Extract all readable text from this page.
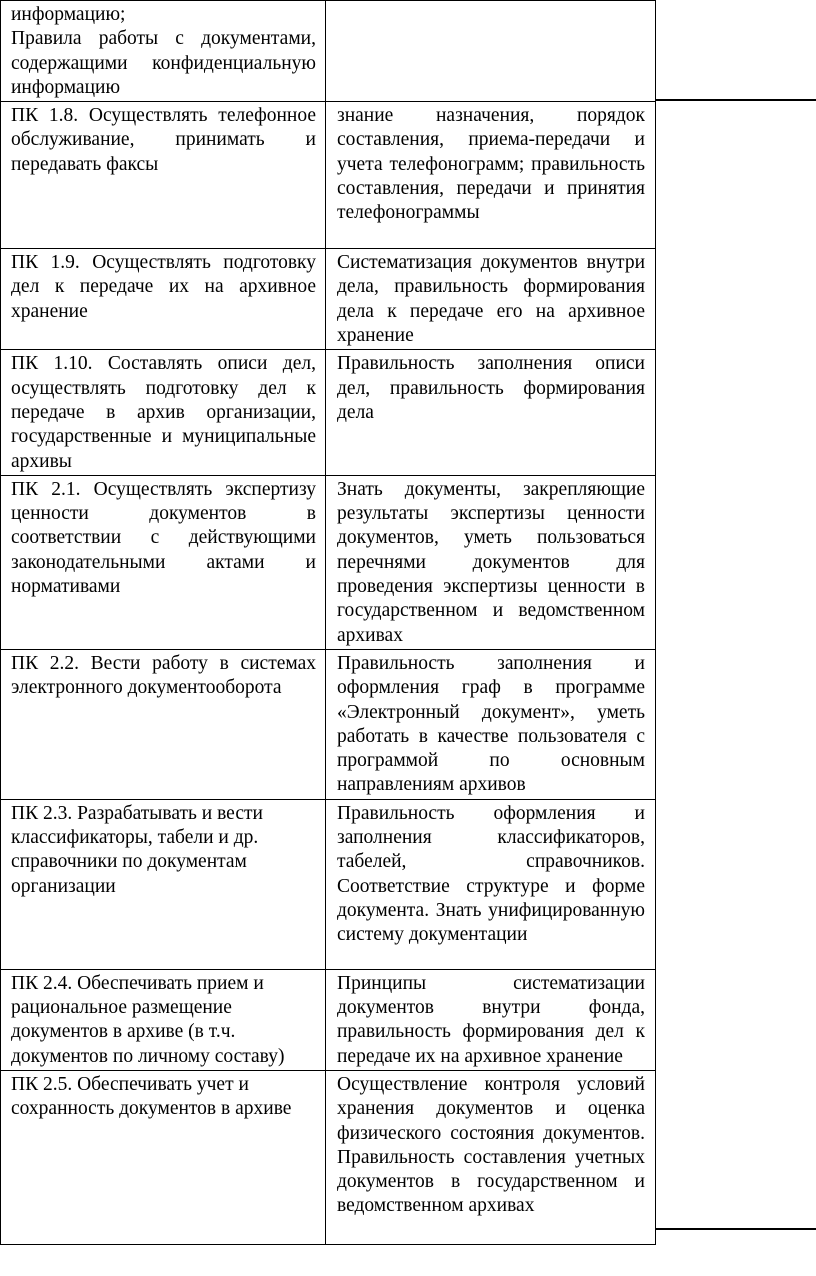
информацию;
Правила работы с документами, содержащими конфиденциальную информацию	

ПК 1.8. Осуществлять телефонное обслуживание, принимать и передавать факсы	знание назначения, порядок составления, приема-передачи и учета телефонограмм; правильность составления, передачи и принятия телефонограммы
ПК 1.9. Осуществлять подготовку дел к передаче их на архивное хранение	Систематизация документов внутри дела, правильность формирования дела к передаче его на архивное хранение
ПК 1.10. Составлять описи дел, осуществлять подготовку дел к передаче в архив организации, государственные и муниципальные архивы	Правильность заполнения описи дел, правильность формирования дела
ПК 2.1. Осуществлять экспертизу ценности документов в соответствии с действующими законодательными актами и нормативами	Знать документы, закрепляющие результаты экспертизы ценности документов, уметь пользоваться перечнями документов для проведения экспертизы ценности в государственном и ведомственном архивах
ПК 2.2. Вести работу в системах электронного документооборота	Правильность заполнения и оформления граф в программе «Электронный документ», уметь работать в качестве пользователя с программой по основным направлениям архивов
ПК 2.3. Разрабатывать и вести классификаторы, табели и др. справочники по документам организации	Правильность оформления и заполнения классификаторов, табелей, справочников. Соответствие структуре и форме документа. Знать унифицированную систему документации
ПК 2.4. Обеспечивать прием и рациональное размещение документов в архиве (в т.ч. документов по личному составу)	Принципы систематизации документов внутри фонда, правильность формирования дел к передаче их на архивное хранение
ПК 2.5. Обеспечивать учет и сохранность документов в архиве	Осуществление контроля условий хранения документов и оценка физического состояния документов. Правильность составления учетных документов в государственном и ведомственном архивах
